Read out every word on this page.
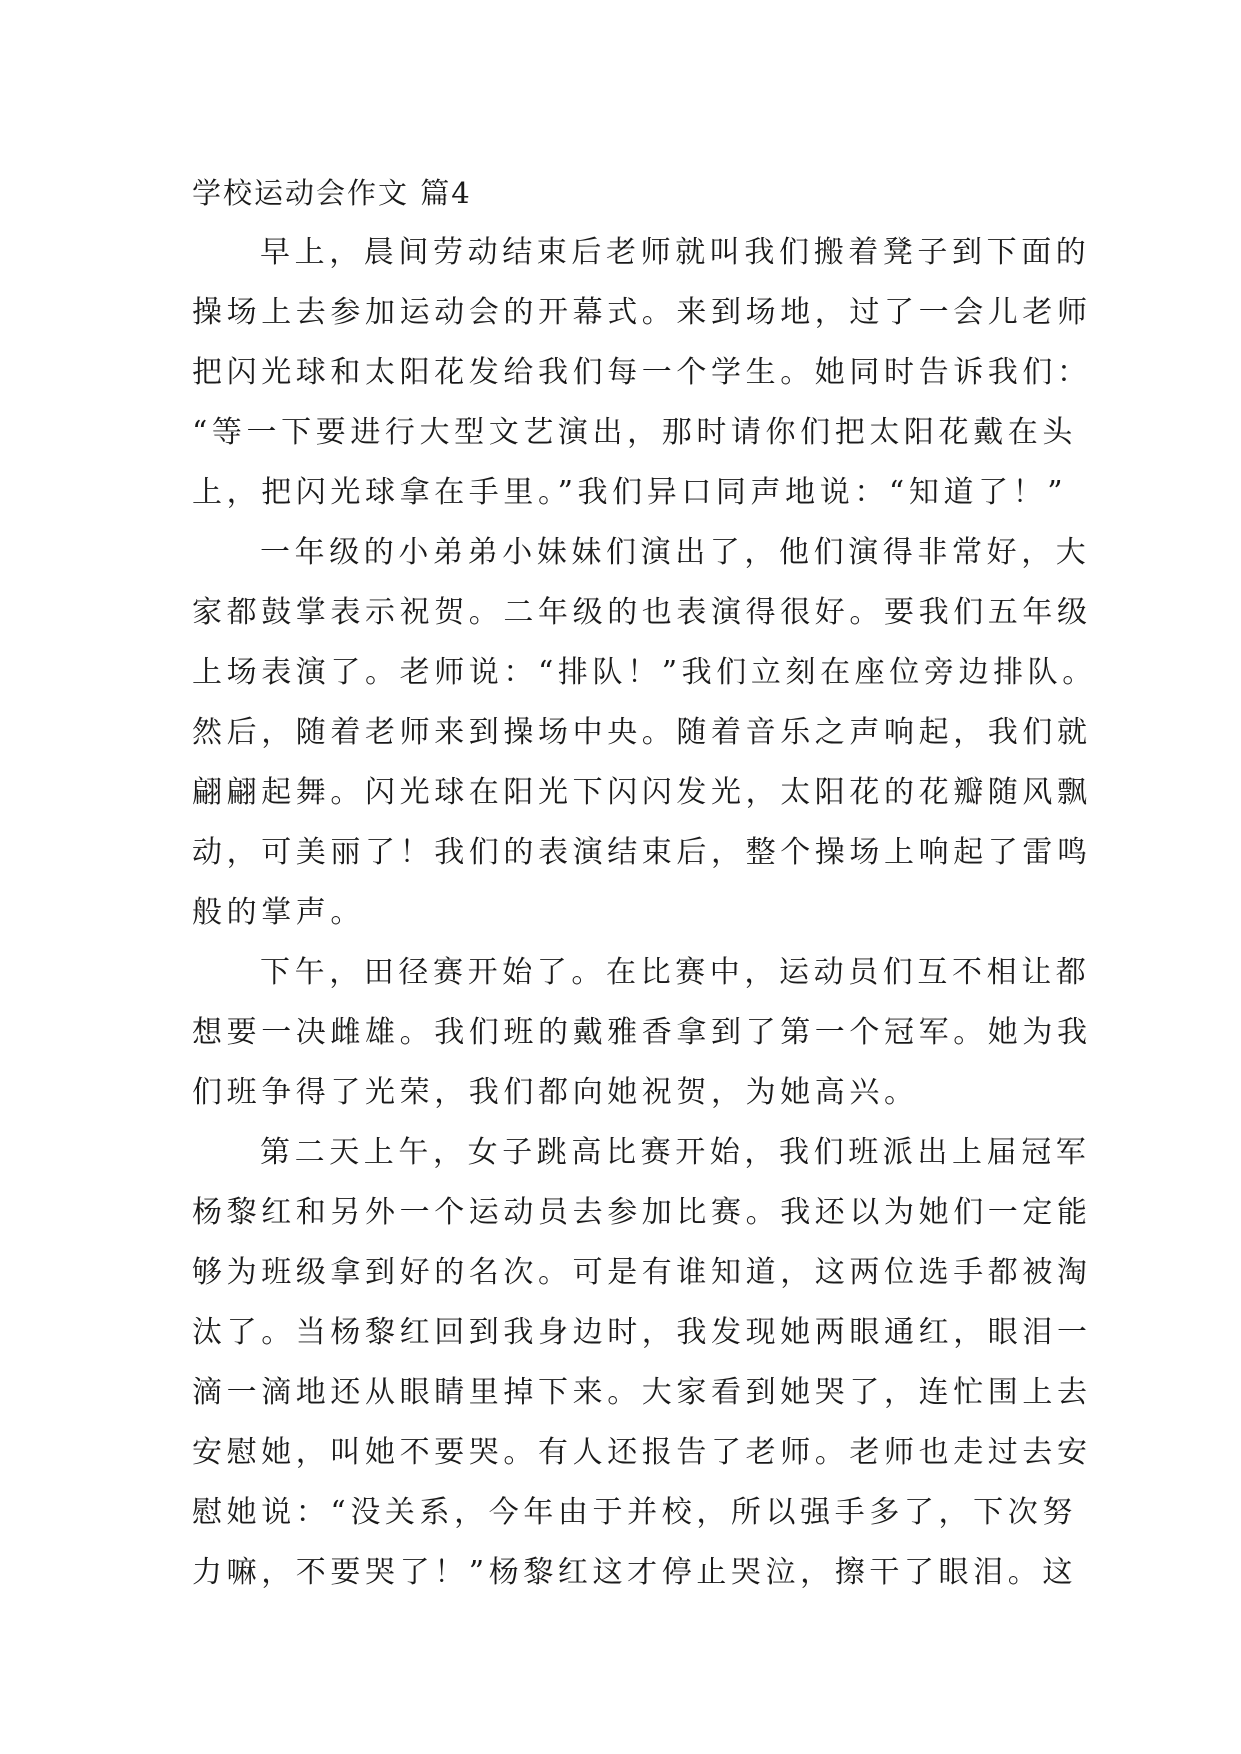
学校运动会作文 篇4

早上，晨间劳动结束后老师就叫我们搬着凳子到下面的
操场上去参加运动会的开幕式。来到场地，过了一会儿老师
把闪光球和太阳花发给我们每一个学生。她同时告诉我们：
“等一下要进行大型文艺演出，那时请你们把太阳花戴在头
上，把闪光球拿在手里。”我们异口同声地说：“知道了！”

一年级的小弟弟小妹妹们演出了，他们演得非常好，大
家都鼓掌表示祝贺。二年级的也表演得很好。要我们五年级
上场表演了。老师说：“排队！”我们立刻在座位旁边排队。
然后，随着老师来到操场中央。随着音乐之声响起，我们就
翩翩起舞。闪光球在阳光下闪闪发光，太阳花的花瓣随风飘
动，可美丽了！我们的表演结束后，整个操场上响起了雷鸣
般的掌声。

下午，田径赛开始了。在比赛中，运动员们互不相让都
想要一决雌雄。我们班的戴雅香拿到了第一个冠军。她为我
们班争得了光荣，我们都向她祝贺，为她高兴。

第二天上午，女子跳高比赛开始，我们班派出上届冠军
杨黎红和另外一个运动员去参加比赛。我还以为她们一定能
够为班级拿到好的名次。可是有谁知道，这两位选手都被淘
汰了。当杨黎红回到我身边时，我发现她两眼通红，眼泪一
滴一滴地还从眼睛里掉下来。大家看到她哭了，连忙围上去
安慰她，叫她不要哭。有人还报告了老师。老师也走过去安
慰她说：“没关系，今年由于并校，所以强手多了，下次努
力嘛，不要哭了！”杨黎红这才停止哭泣，擦干了眼泪。这
